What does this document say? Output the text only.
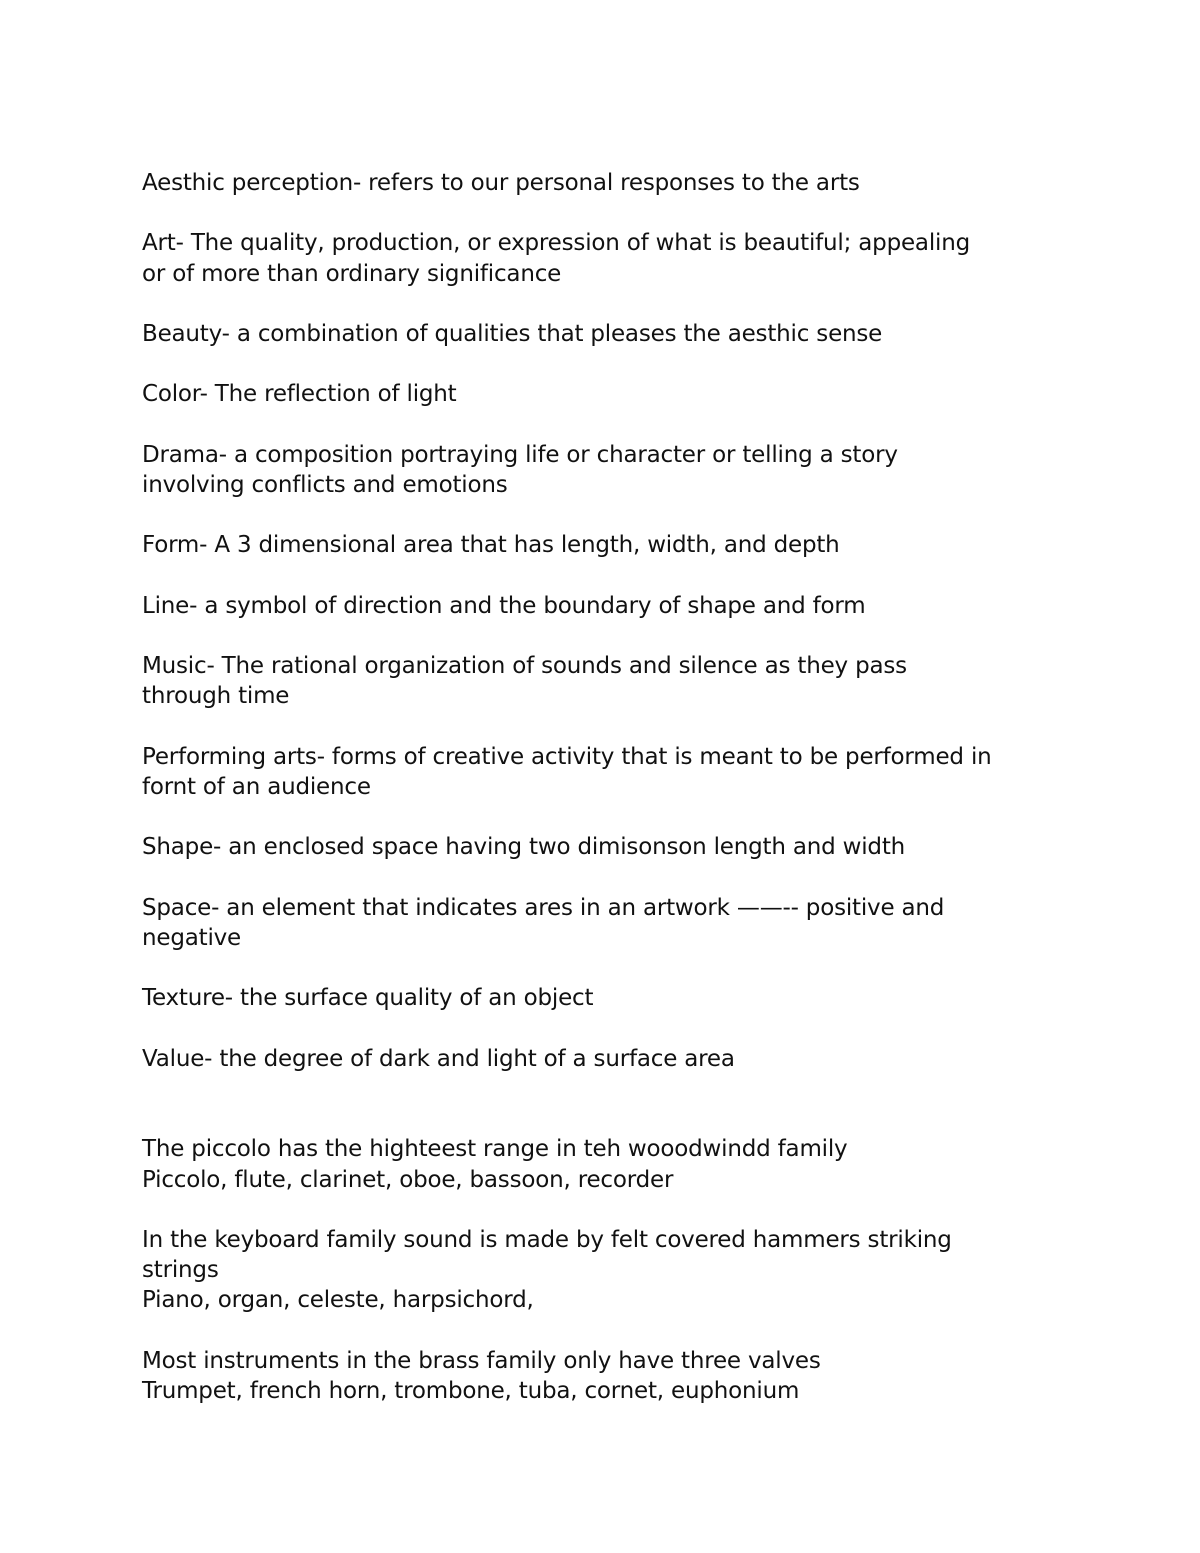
Aesthic perception- refers to our personal responses to the arts

Art- The quality, production, or expression of what is beautiful; appealing
or of more than ordinary significance

Beauty- a combination of qualities that pleases the aesthic sense

Color- The reflection of light

Drama- a composition portraying life or character or telling a story
involving conflicts and emotions

Form- A 3 dimensional area that has length, width, and depth

Line- a symbol of direction and the boundary of shape and form

Music- The rational organization of sounds and silence as they pass
through time

Performing arts- forms of creative activity that is meant to be performed in
fornt of an audience

Shape- an enclosed space having two dimisonson length and width

Space- an element that indicates ares in an artwork ——-- positive and
negative

Texture- the surface quality of an object

Value- the degree of dark and light of a surface area

The piccolo has the highteest range in teh wooodwindd family
Piccolo, flute, clarinet, oboe, bassoon, recorder

In the keyboard family sound is made by felt covered hammers striking
strings
Piano, organ, celeste, harpsichord,

Most instruments in the brass family only have three valves
Trumpet, french horn, trombone, tuba, cornet, euphonium
